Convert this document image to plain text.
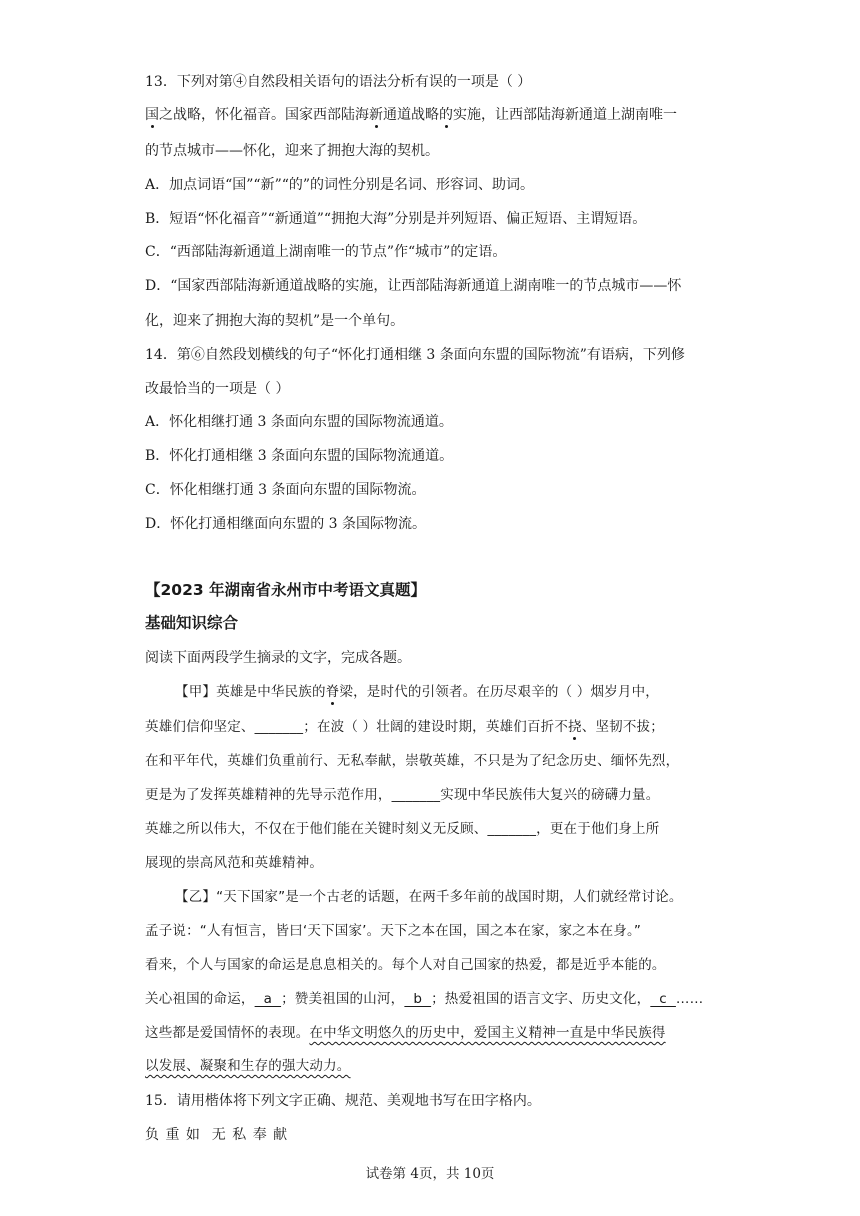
13．下列对第④自然段相关语句的语法分析有误的一项是（ ）
国之战略，怀化福音。国家西部陆海新通道战略的实施，让西部陆海新通道上湖南唯一
的节点城市——怀化，迎来了拥抱大海的契机。
A．加点词语“国”“新”“的”的词性分别是名词、形容词、助词。
B．短语“怀化福音”“新通道”“拥抱大海”分别是并列短语、偏正短语、主谓短语。
C．“西部陆海新通道上湖南唯一的节点”作“城市”的定语。
D．“国家西部陆海新通道战略的实施，让西部陆海新通道上湖南唯一的节点城市——怀
化，迎来了拥抱大海的契机”是一个单句。
14．第⑥自然段划横线的句子“怀化打通相继 3 条面向东盟的国际物流”有语病，下列修
改最恰当的一项是（ ）
A．怀化相继打通 3 条面向东盟的国际物流通道。
B．怀化打通相继 3 条面向东盟的国际物流通道。
C．怀化相继打通 3 条面向东盟的国际物流。
D．怀化打通相继面向东盟的 3 条国际物流。
【2023 年湖南省永州市中考语文真题】
基础知识综合
阅读下面两段学生摘录的文字，完成各题。
【甲】英雄是中华民族的脊梁，是时代的引领者。在历尽艰辛的（ ）烟岁月中，
英雄们信仰坚定、_______；在波（ ）壮阔的建设时期，英雄们百折不挠、坚韧不拔；
在和平年代，英雄们负重前行、无私奉献，崇敬英雄，不只是为了纪念历史、缅怀先烈，
更是为了发挥英雄精神的先导示范作用，_______实现中华民族伟大复兴的磅礴力量。
英雄之所以伟大，不仅在于他们能在关键时刻义无反顾、_______，更在于他们身上所
展现的崇高风范和英雄精神。
【乙】“天下国家”是一个古老的话题，在两千多年前的战国时期，人们就经常讨论。
孟子说：“人有恒言，皆曰‘天下国家’。天下之本在国，国之本在家，家之本在身。”
看来，个人与国家的命运是息息相关的。每个人对自己国家的热爱，都是近乎本能的。
关心祖国的命运，  a  ；赞美祖国的山河，  b  ；热爱祖国的语言文字、历史文化，  c  ……
这些都是爱国情怀的表现。在中华文明悠久的历史中，爱国主义精神一直是中华民族得
以发展、凝聚和生存的强大动力。
15．请用楷体将下列文字正确、规范、美观地书写在田字格内。
负 重 如  无 私 奉 献
试卷第 4页，共 10页
